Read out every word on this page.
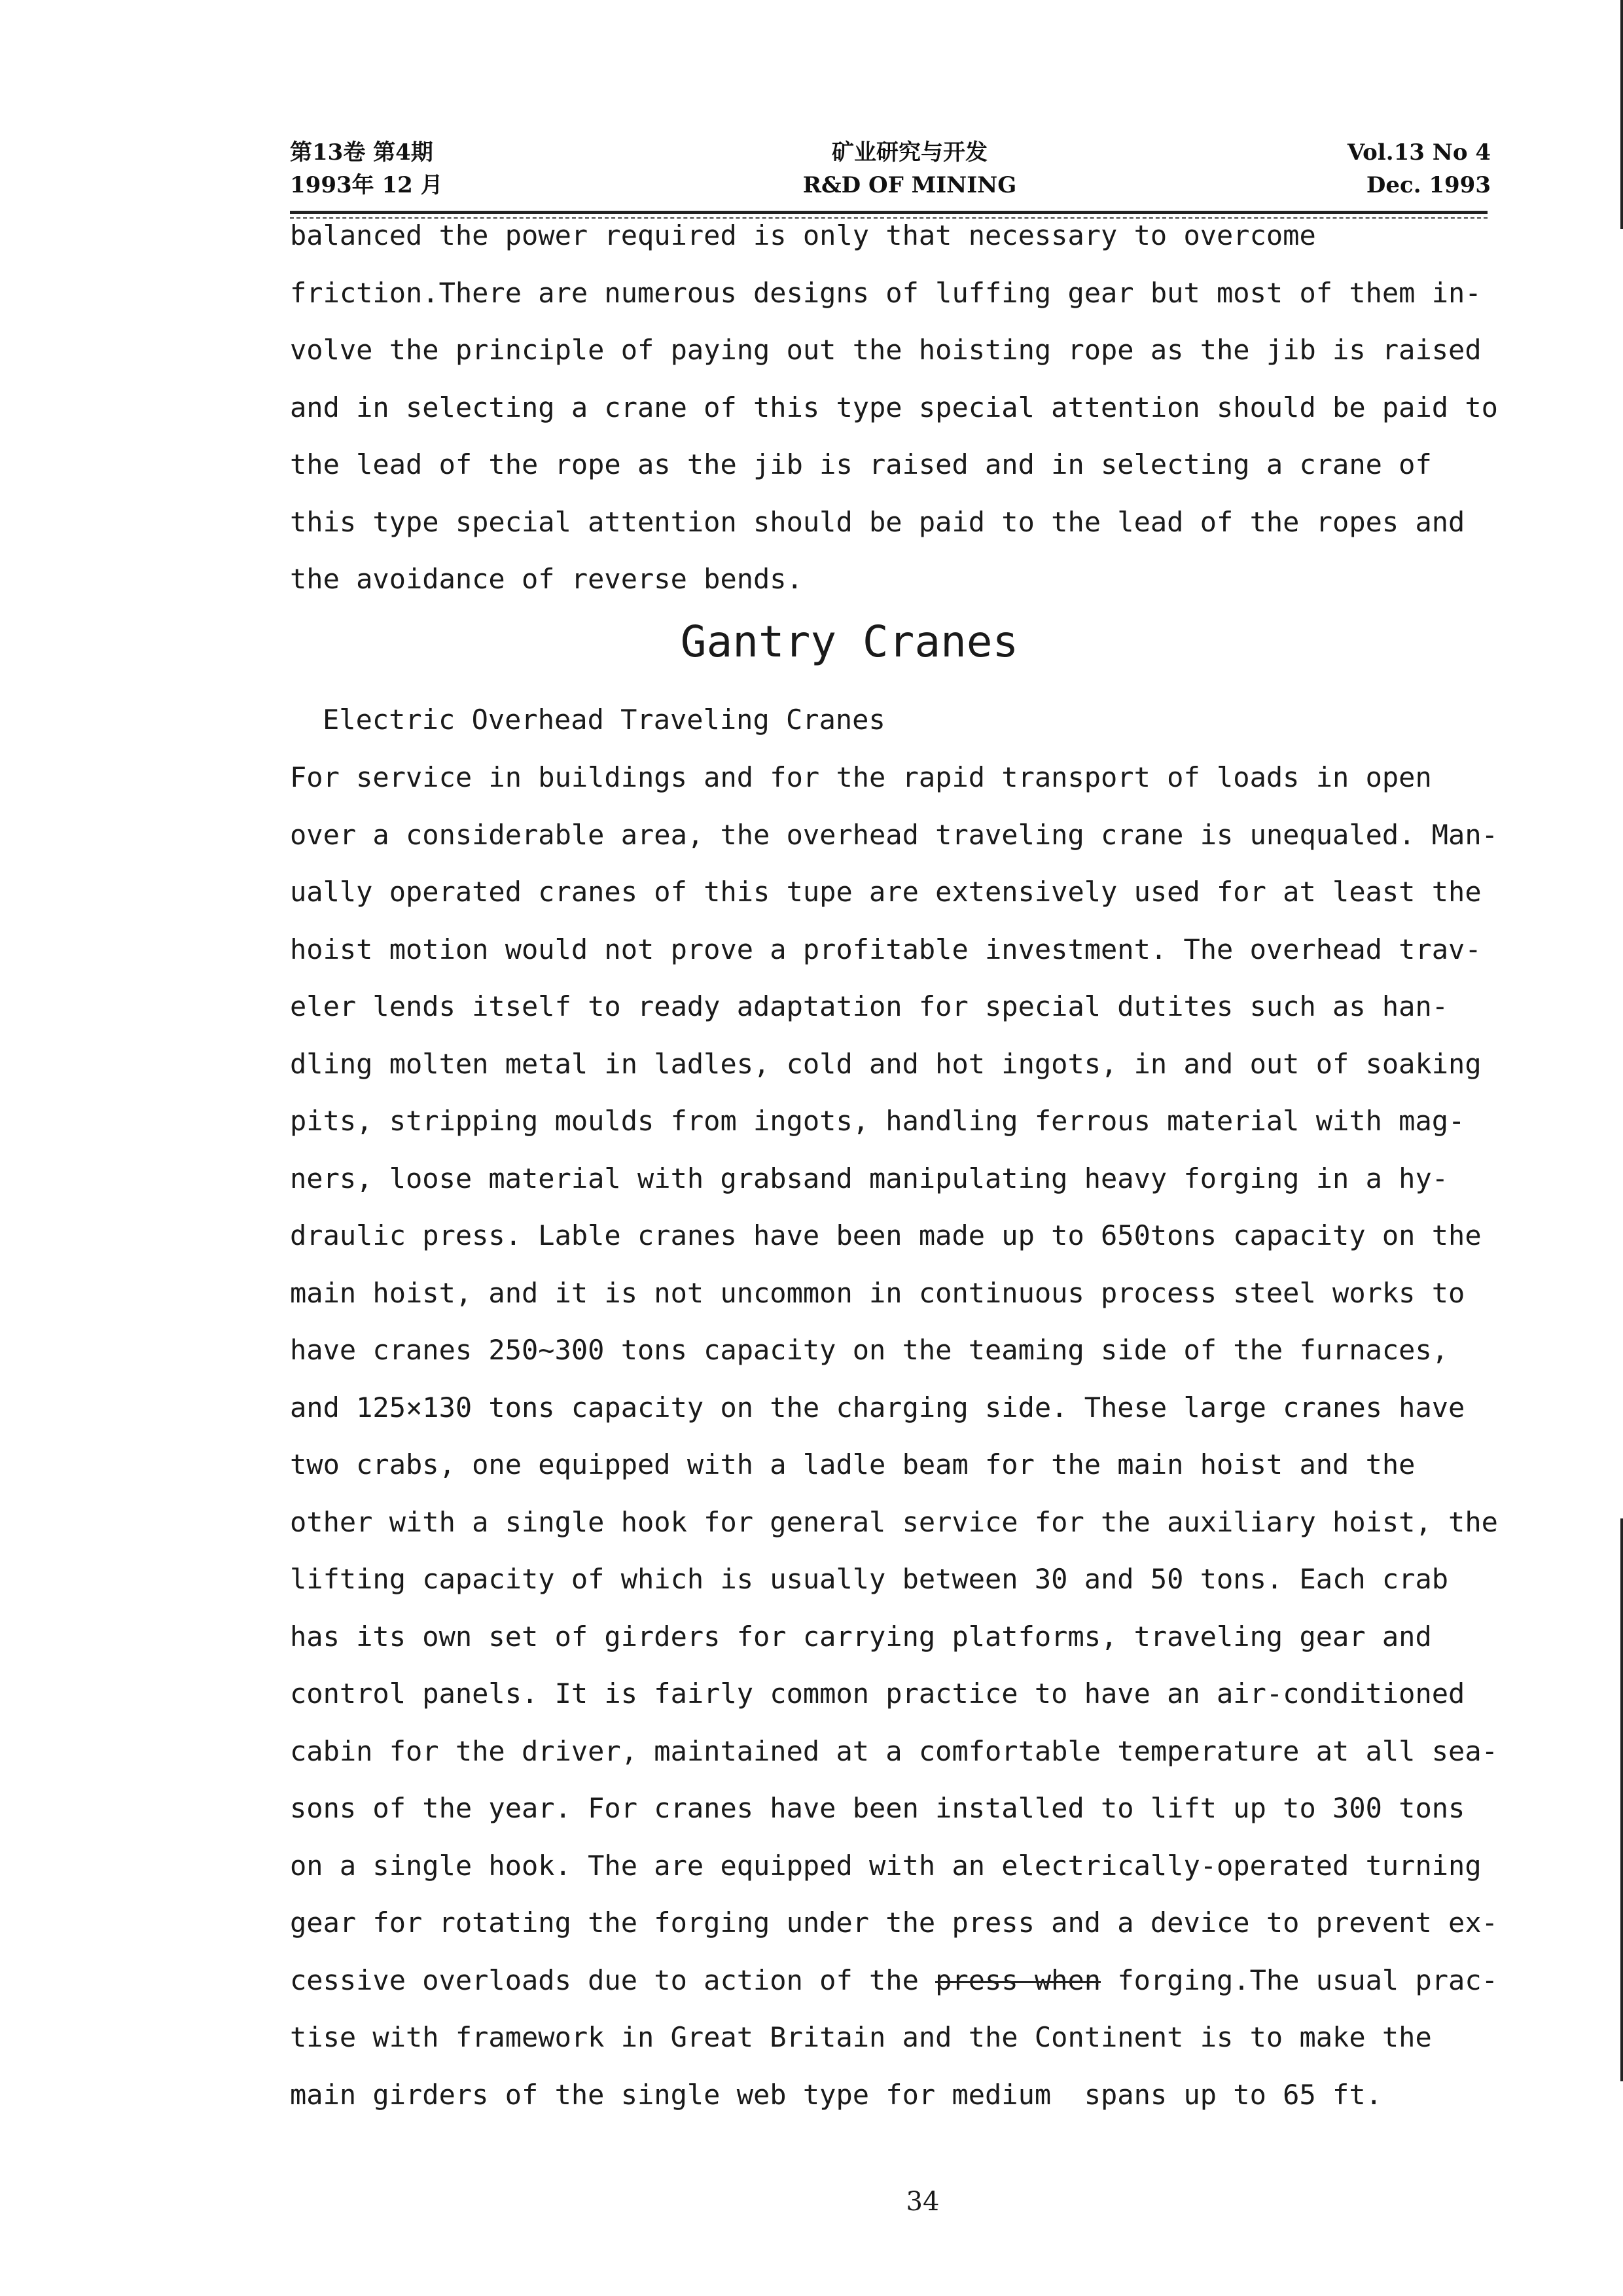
第13卷 第4期
1993年 12 月
矿业研究与开发
R&D OF MINING
Vol.13 No 4
Dec. 1993
balanced the power required is only that necessary to overcome
friction.There are numerous designs of luffing gear but most of them in-
volve the principle of paying out the hoisting rope as the jib is raised
and in selecting a crane of this type special attention should be paid to
the lead of the rope as the jib is raised and in selecting a crane of
this type special attention should be paid to the lead of the ropes and
the avoidance of reverse bends.
Gantry Cranes
Electric Overhead Traveling Cranes
For service in buildings and for the rapid transport of loads in open
over a considerable area, the overhead traveling crane is unequaled. Man-
ually operated cranes of this tupe are extensively used for at least the
hoist motion would not prove a profitable investment. The overhead trav-
eler lends itself to ready adaptation for special dutites such as han-
dling molten metal in ladles, cold and hot ingots, in and out of soaking
pits, stripping moulds from ingots, handling ferrous material with mag-
ners, loose material with grabsand manipulating heavy forging in a hy-
draulic press. Lable cranes have been made up to 650tons capacity on the
main hoist, and it is not uncommon in continuous process steel works to
have cranes 250~300 tons capacity on the teaming side of the furnaces,
and 125×130 tons capacity on the charging side. These large cranes have
two crabs, one equipped with a ladle beam for the main hoist and the
other with a single hook for general service for the auxiliary hoist, the
lifting capacity of which is usually between 30 and 50 tons. Each crab
has its own set of girders for carrying platforms, traveling gear and
control panels. It is fairly common practice to have an air-conditioned
cabin for the driver, maintained at a comfortable temperature at all sea-
sons of the year. For cranes have been installed to lift up to 300 tons
on a single hook. The are equipped with an electrically-operated turning
gear for rotating the forging under the press and a device to prevent ex-
cessive overloads due to action of the press when forging.The usual prac-
tise with framework in Great Britain and the Continent is to make the
main girders of the single web type for medium  spans up to 65 ft.
34
